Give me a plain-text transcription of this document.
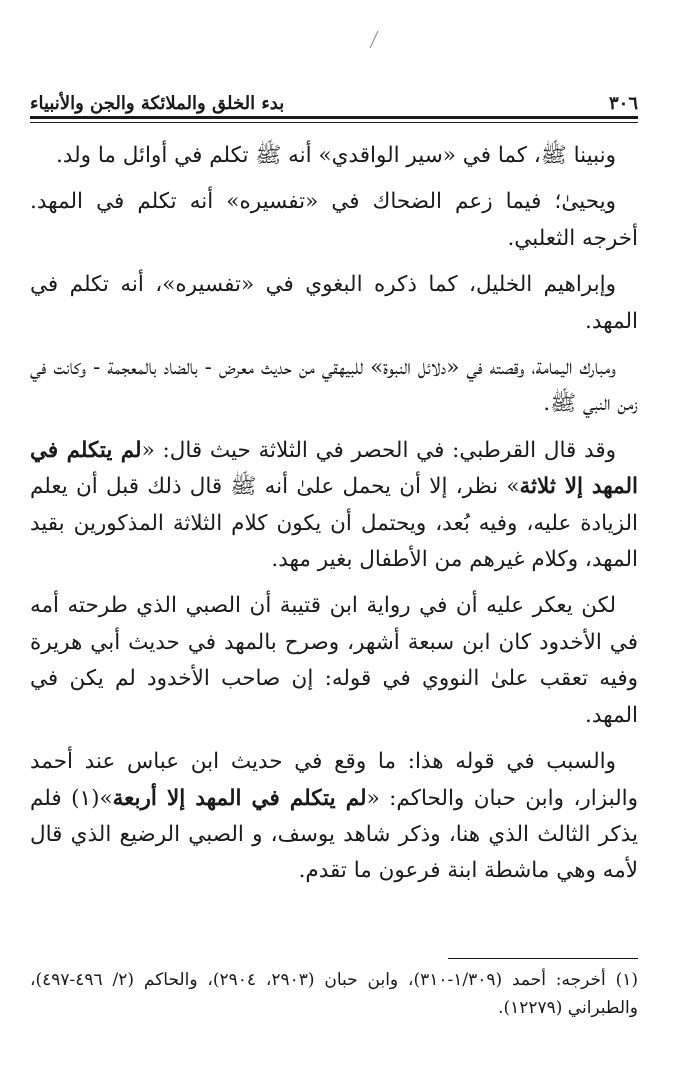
٣٠٦
بدء الخلق والملائكة والجن والأنبياء

ونبينا ﷺ، كما في «سير الواقدي» أنه ﷺ تكلم في أوائل ما ولد.

ويحيىٰ؛ فيما زعم الضحاك في «تفسيره» أنه تكلم في المهد. أخرجه الثعلبي.

وإبراهيم الخليل، كما ذكره البغوي في «تفسيره»، أنه تكلم في المهد.

ومبارك اليمامة، وقصته في «دلائل النبوة» للبيهقي من حديث معرض - بالضاد بالمعجمة - وكانت في زمن النبي ﷺ.

وقد قال القرطبي: في الحصر في الثلاثة حيث قال: «لم يتكلم في المهد إلا ثلاثة» نظر، إلا أن يحمل علىٰ أنه ﷺ قال ذلك قبل أن يعلم الزيادة عليه، وفيه بُعد، ويحتمل أن يكون كلام الثلاثة المذكورين بقيد المهد، وكلام غيرهم من الأطفال بغير مهد.

لكن يعكر عليه أن في رواية ابن قتيبة أن الصبي الذي طرحته أمه في الأخدود كان ابن سبعة أشهر، وصرح بالمهد في حديث أبي هريرة وفيه تعقب علىٰ النووي في قوله: إن صاحب الأخدود لم يكن في المهد.

والسبب في قوله هذا: ما وقع في حديث ابن عباس عند أحمد والبزار، وابن حبان والحاكم: «لم يتكلم في المهد إلا أربعة»(١) فلم يذكر الثالث الذي هنا، وذكر شاهد يوسف، و الصبي الرضيع الذي قال لأمه وهي ماشطة ابنة فرعون ما تقدم.

(١) أخرجه: أحمد (١/٣٠٩-٣١٠)، وابن حبان (٢٩٠٣، ٢٩٠٤)، والحاكم (٢/ ٤٩٦-٤٩٧)، والطبراني (١٢٢٧٩).
